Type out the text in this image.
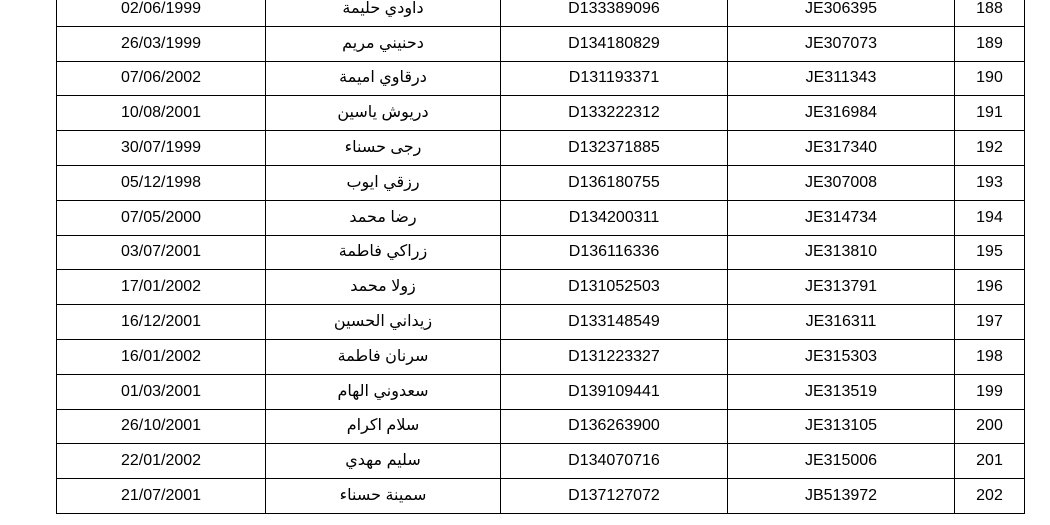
02/06/1999	داودي حليمة	D133389096	JE306395	188
26/03/1999	دحنيني مريم	D134180829	JE307073	189
07/06/2002	درقاوي اميمة	D131193371	JE311343	190
10/08/2001	دريوش ياسين	D133222312	JE316984	191
30/07/1999	رجى حسناء	D132371885	JE317340	192
05/12/1998	رزقي ايوب	D136180755	JE307008	193
07/05/2000	رضا محمد	D134200311	JE314734	194
03/07/2001	زراكي فاطمة	D136116336	JE313810	195
17/01/2002	زولا محمد	D131052503	JE313791	196
16/12/2001	زيداني الحسين	D133148549	JE316311	197
16/01/2002	سرنان فاطمة	D131223327	JE315303	198
01/03/2001	سعدوني الهام	D139109441	JE313519	199
26/10/2001	سلام اكرام	D136263900	JE313105	200
22/01/2002	سليم مهدي	D134070716	JE315006	201
21/07/2001	سمينة حسناء	D137127072	JB513972	202
